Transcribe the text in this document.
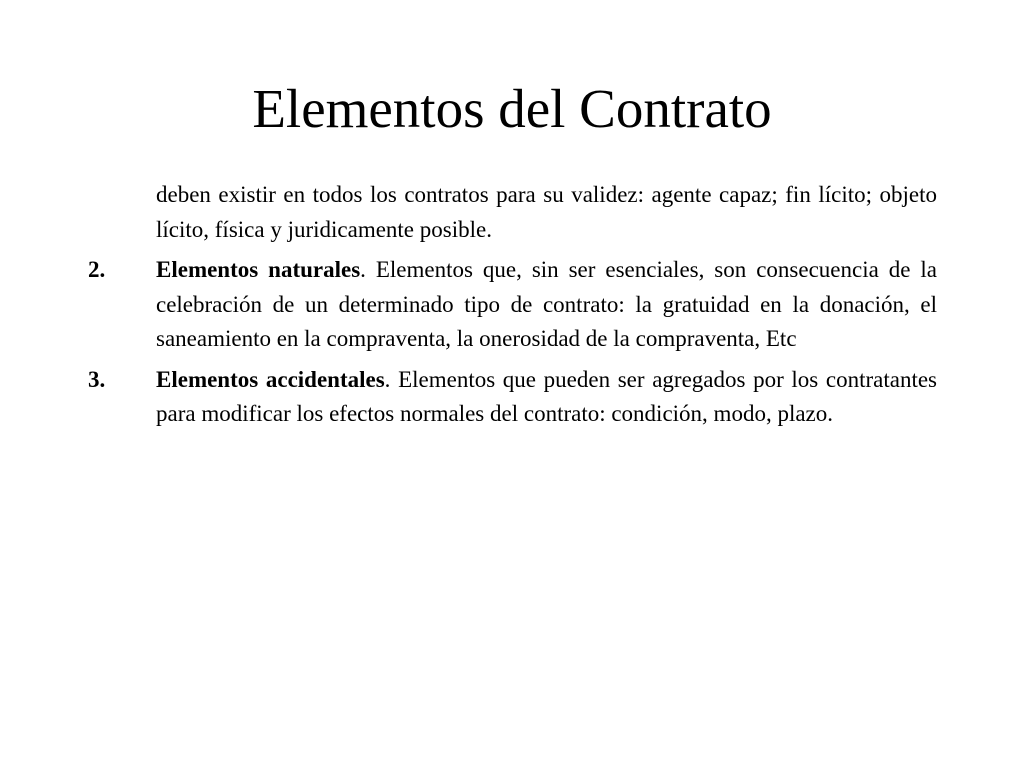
Elementos del Contrato

deben existir en todos los contratos para su validez: agente capaz; fin lícito; objeto lícito, física y juridicamente posible.

2. Elementos naturales. Elementos que, sin ser esenciales, son consecuencia de la celebración de un determinado tipo de contrato: la gratuidad en la donación, el saneamiento en la compraventa, la onerosidad de la compraventa, Etc

3. Elementos accidentales. Elementos que pueden ser agregados por los contratantes para modificar los efectos normales del contrato: condición, modo, plazo.
